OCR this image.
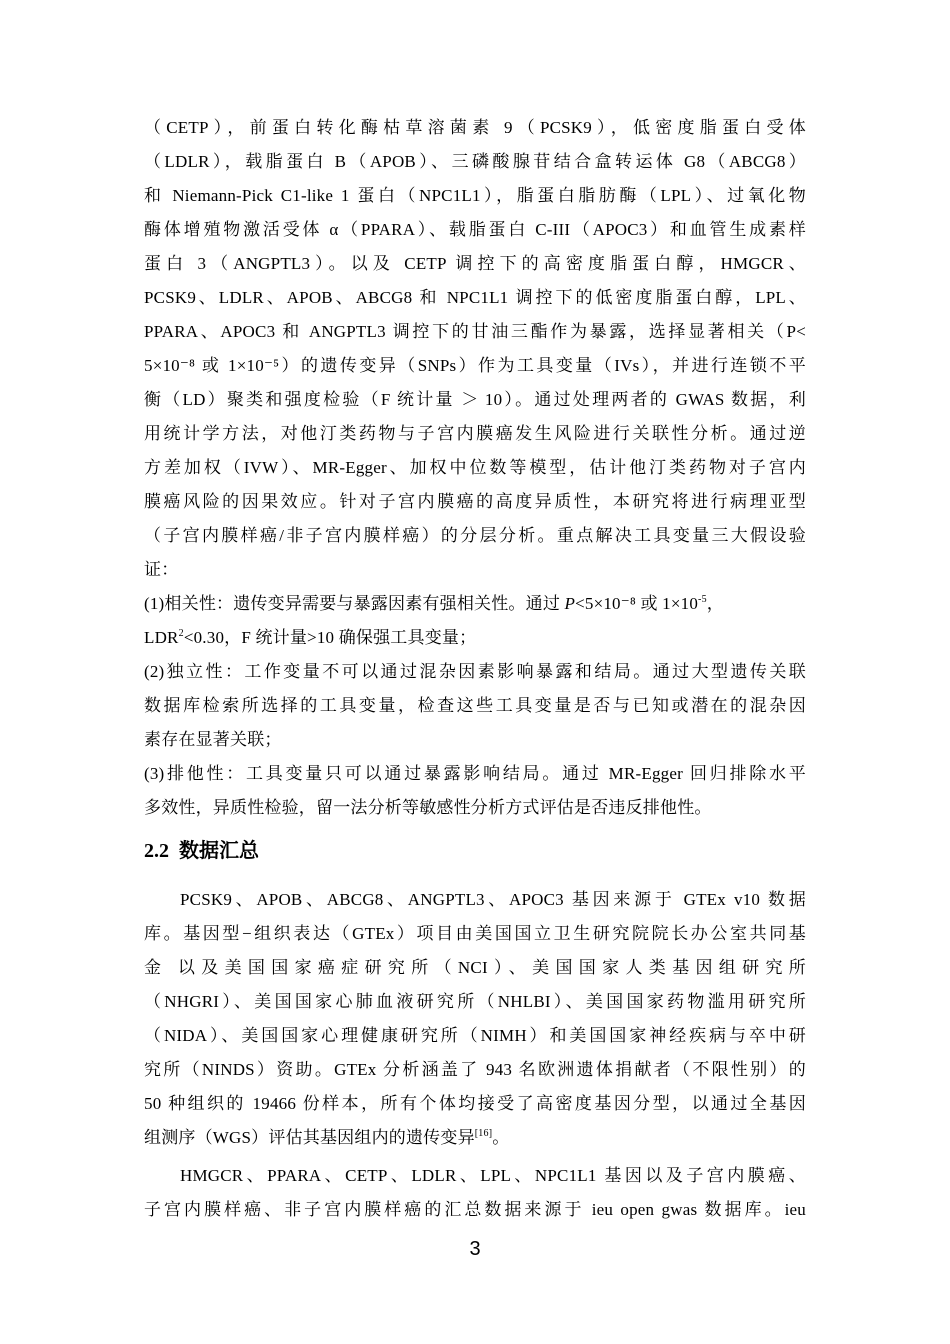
（CETP），前蛋白转化酶枯草溶菌素 9（PCSK9），低密度脂蛋白受体
（LDLR），载脂蛋白 B（APOB）、三磷酸腺苷结合盒转运体 G8（ABCG8）
和 Niemann-Pick C1-like 1 蛋白（NPC1L1），脂蛋白脂肪酶（LPL）、过氧化物
酶体增殖物激活受体 α（PPARA）、载脂蛋白 C-III（APOC3）和血管生成素样
蛋白 3（ANGPTL3）。以及 CETP 调控下的高密度脂蛋白醇，HMGCR、
PCSK9、LDLR、APOB、ABCG8 和 NPC1L1 调控下的低密度脂蛋白醇，LPL、
PPARA、APOC3 和 ANGPTL3 调控下的甘油三酯作为暴露，选择显著相关（P<
5×10⁻⁸ 或 1×10⁻⁵）的遗传变异（SNPs）作为工具变量（IVs），并进行连锁不平
衡（LD）聚类和强度检验（F 统计量 ＞ 10）。通过处理两者的 GWAS 数据，利
用统计学方法，对他汀类药物与子宫内膜癌发生风险进行关联性分析。通过逆
方差加权（IVW）、MR-Egger、加权中位数等模型，估计他汀类药物对子宫内
膜癌风险的因果效应。针对子宫内膜癌的高度异质性，本研究将进行病理亚型
（子宫内膜样癌/非子宫内膜样癌）的分层分析。重点解决工具变量三大假设验
证：
(1)相关性：遗传变异需要与暴露因素有强相关性。通过 P<5×10⁻⁸ 或 $1\times 10^{-5}$，
$LDR^2<0.30$，F 统计量>10 确保强工具变量；
(2)独立性：工作变量不可以通过混杂因素影响暴露和结局。通过大型遗传关联
数据库检索所选择的工具变量，检查这些工具变量是否与已知或潜在的混杂因
素存在显著关联；
(3)排他性：工具变量只可以通过暴露影响结局。通过 MR-Egger 回归排除水平
多效性，异质性检验，留一法分析等敏感性分析方式评估是否违反排他性。
2.2 数据汇总
PCSK9、APOB、ABCG8、ANGPTL3、APOC3 基因来源于 GTEx v10 数据
库。基因型−组织表达（GTEx）项目由美国国立卫生研究院院长办公室共同基
金 以及美国国家癌症研究所（NCI）、美国国家人类基因组研究所
（NHGRI）、美国国家心肺血液研究所（NHLBI）、美国国家药物滥用研究所
（NIDA）、美国国家心理健康研究所（NIMH）和美国国家神经疾病与卒中研
究所（NINDS）资助。GTEx 分析涵盖了 943 名欧洲遗体捐献者（不限性别）的
50 种组织的 19466 份样本，所有个体均接受了高密度基因分型，以通过全基因
组测序（WGS）评估其基因组内的遗传变异[16]。
HMGCR、PPARA、CETP、LDLR、LPL、NPC1L1 基因以及子宫内膜癌、
子宫内膜样癌、非子宫内膜样癌的汇总数据来源于 ieu open gwas 数据库。ieu
3
